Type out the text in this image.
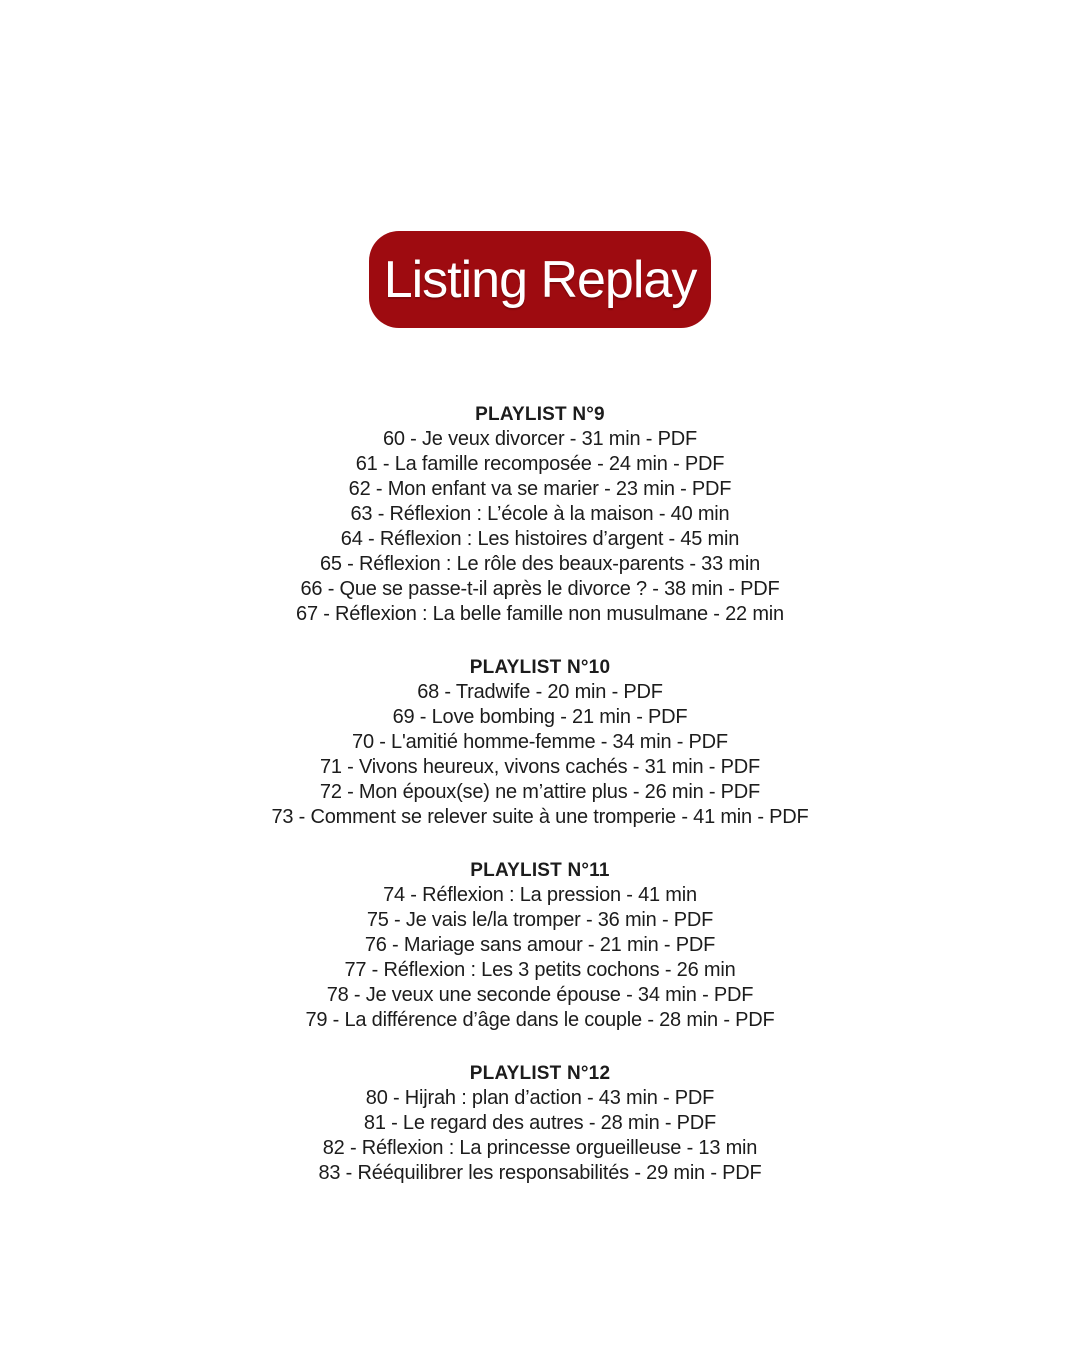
Listing Replay
PLAYLIST N°9
60 - Je veux divorcer - 31 min - PDF
61 - La famille recomposée - 24 min - PDF
62 - Mon enfant va se marier - 23 min - PDF
63 - Réflexion : L’école à la maison - 40 min
64 - Réflexion : Les histoires d’argent - 45 min
65 - Réflexion : Le rôle des beaux-parents - 33 min
66 - Que se passe-t-il après le divorce ? - 38 min - PDF
67 - Réflexion : La belle famille non musulmane - 22 min
PLAYLIST N°10
68 - Tradwife - 20 min - PDF
69 - Love bombing - 21 min - PDF
70 - L'amitié homme-femme - 34 min - PDF
71 - Vivons heureux, vivons cachés - 31 min - PDF
72 - Mon époux(se) ne m’attire plus - 26 min - PDF
73 - Comment se relever suite à une tromperie - 41 min - PDF
PLAYLIST N°11
74 - Réflexion : La pression - 41 min
75 - Je vais le/la tromper - 36 min - PDF
76 - Mariage sans amour - 21 min - PDF
77 - Réflexion : Les 3 petits cochons - 26 min
78 - Je veux une seconde épouse - 34 min - PDF
79 - La différence d’âge dans le couple - 28 min - PDF
PLAYLIST N°12
80 - Hijrah : plan d’action - 43 min - PDF
81 - Le regard des autres - 28 min - PDF
82 - Réflexion : La princesse orgueilleuse - 13 min
83 - Rééquilibrer les responsabilités - 29 min - PDF
